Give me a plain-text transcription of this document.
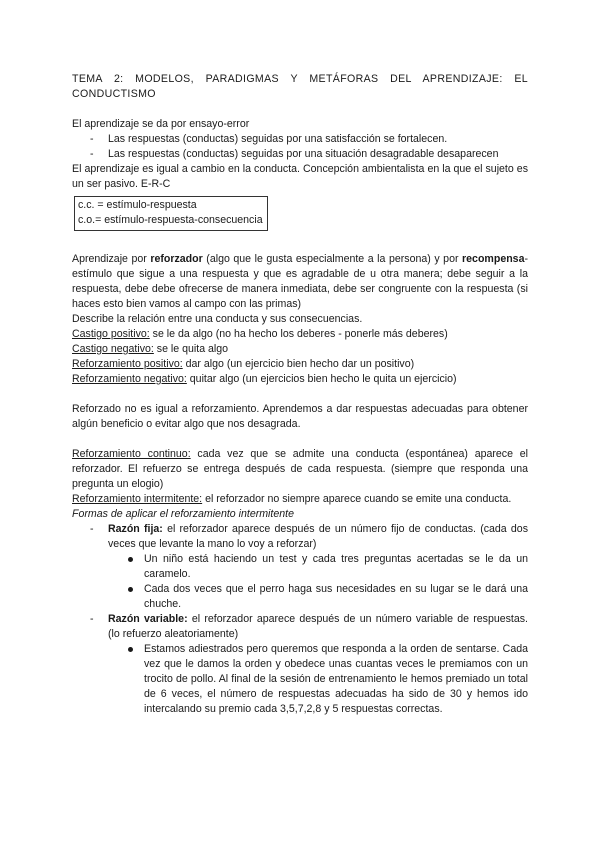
TEMA 2: MODELOS, PARADIGMAS Y METÁFORAS DEL APRENDIZAJE: EL
CONDUCTISMO

El aprendizaje se da por ensayo-error

- Las respuestas (conductas) seguidas por una satisfacción se fortalecen.
- Las respuestas (conductas) seguidas por una situación desagradable desaparecen

El aprendizaje es igual a cambio en la conducta. Concepción ambientalista en la que el sujeto es un ser pasivo. E-R-C

c.c. = estímulo-respuesta
c.o.= estímulo-respuesta-consecuencia

Aprendizaje por reforzador (algo que le gusta especialmente a la persona) y por recompensa- estímulo que sigue a una respuesta y que es agradable de u otra manera; debe seguir a la respuesta, debe debe ofrecerse de manera inmediata, debe ser congruente con la respuesta (si haces esto bien vamos al campo con las primas)

Describe la relación entre una conducta y sus consecuencias.

Castigo positivo: se le da algo (no ha hecho los deberes - ponerle más deberes)

Castigo negativo: se le quita algo

Reforzamiento positivo: dar algo (un ejercicio bien hecho dar un positivo)

Reforzamiento negativo: quitar algo (un ejercicios bien hecho le quita un ejercicio)

Reforzado no es igual a reforzamiento. Aprendemos a dar respuestas adecuadas para obtener algún beneficio o evitar algo que nos desagrada.

Reforzamiento continuo: cada vez que se admite una conducta (espontánea) aparece el reforzador. El refuerzo se entrega después de cada respuesta. (siempre que responda una pregunta un elogio)

Reforzamiento intermitente: el reforzador no siempre aparece cuando se emite una conducta.

Formas de aplicar el reforzamiento intermitente

- Razón fija: el reforzador aparece después de un número fijo de conductas. (cada dos veces que levante la mano lo voy a reforzar)
Un niño está haciendo un test y cada tres preguntas acertadas se le da un caramelo.
Cada dos veces que el perro haga sus necesidades en su lugar se le dará una chuche.
- Razón variable: el reforzador aparece después de un número variable de respuestas. (lo refuerzo aleatoriamente)
Estamos adiestrados pero queremos que responda a la orden de sentarse. Cada vez que le damos la orden y obedece unas cuantas veces le premiamos con un trocito de pollo. Al final de la sesión de entrenamiento le hemos premiado un total de 6 veces, el número de respuestas adecuadas ha sido de 30 y hemos ido intercalando su premio cada 3,5,7,2,8 y 5 respuestas correctas.
